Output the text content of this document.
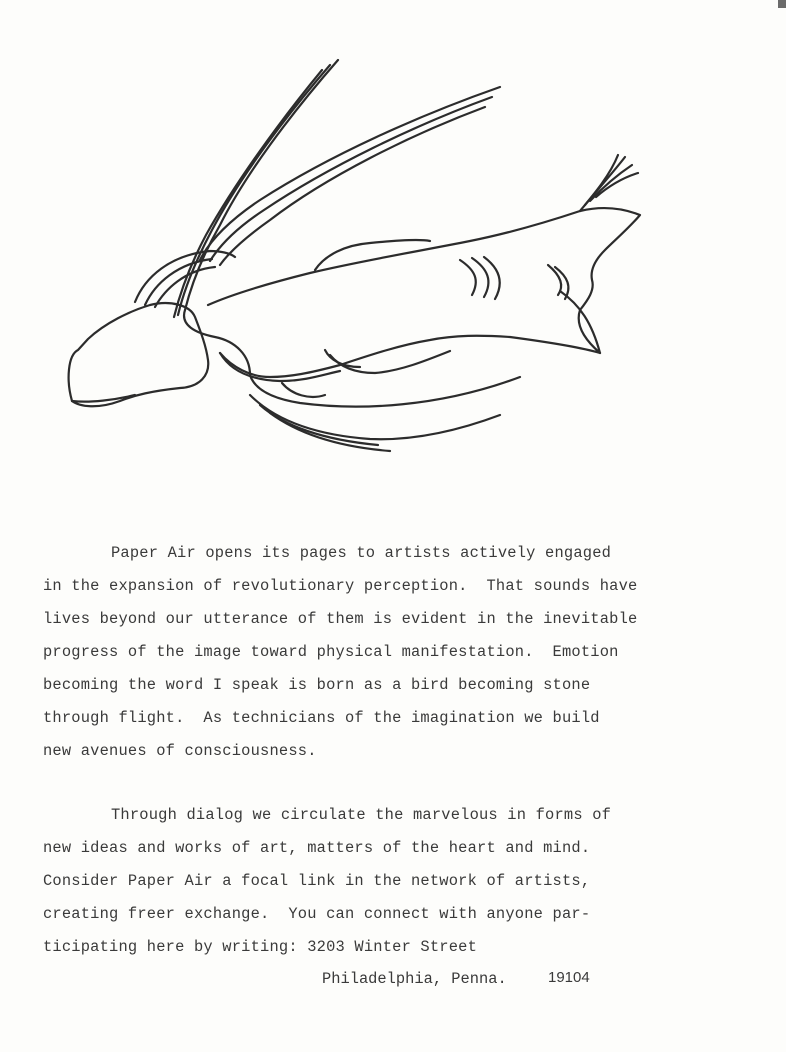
Paper Air opens its pages to artists actively engaged
in the expansion of revolutionary perception.  That sounds have
lives beyond our utterance of them is evident in the inevitable
progress of the image toward physical manifestation.  Emotion
becoming the word I speak is born as a bird becoming stone
through flight.  As technicians of the imagination we build
new avenues of consciousness.
Through dialog we circulate the marvelous in forms of
new ideas and works of art, matters of the heart and mind.
Consider Paper Air a focal link in the network of artists,
creating freer exchange.  You can connect with anyone par-
ticipating here by writing: 3203 Winter Street
Philadelphia, Penna.	19104
